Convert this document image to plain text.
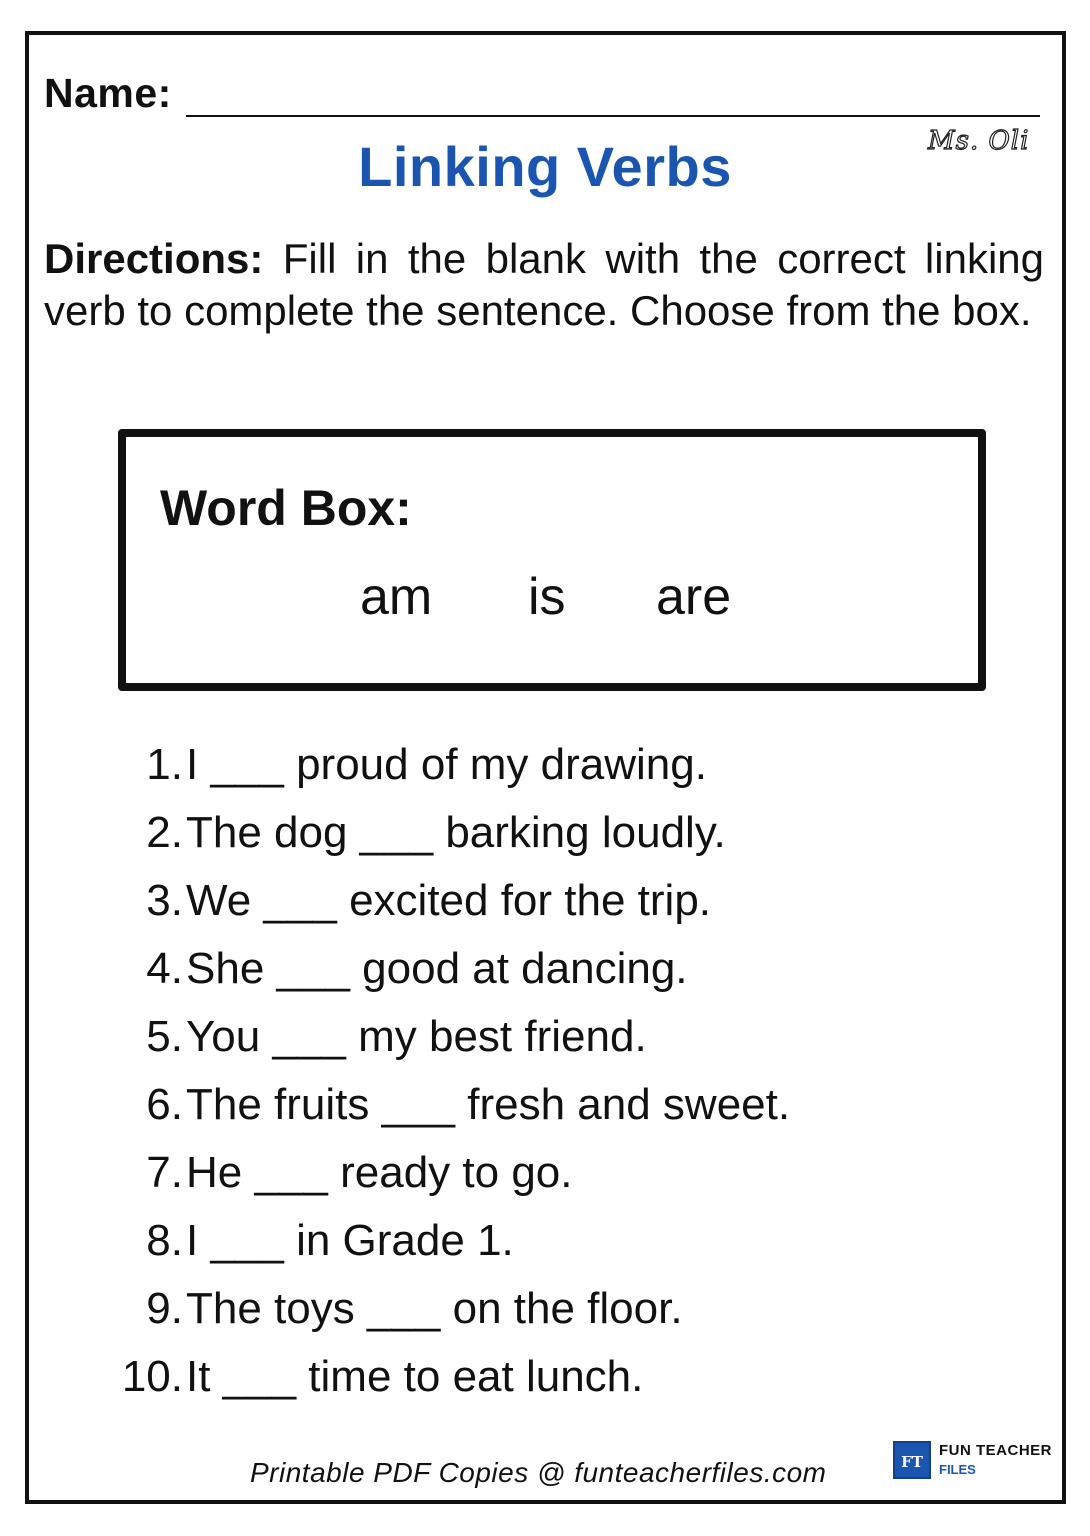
Name:
Ms. Oli
Linking Verbs

Directions: Fill in the blank with the correct linking verb to complete the sentence. Choose from the box.

Word Box:
am is are
1. I ___ proud of my drawing.
2. The dog ___ barking loudly.
3. We ___ excited for the trip.
4. She ___ good at dancing.
5. You ___ my best friend.
6. The fruits ___ fresh and sweet.
7. He ___ ready to go.
8. I ___ in Grade 1.
9. The toys ___ on the floor.
10. It ___ time to eat lunch.
Printable PDF Copies @ funteacherfiles.com	FT
FUN TEACHER
FILES
